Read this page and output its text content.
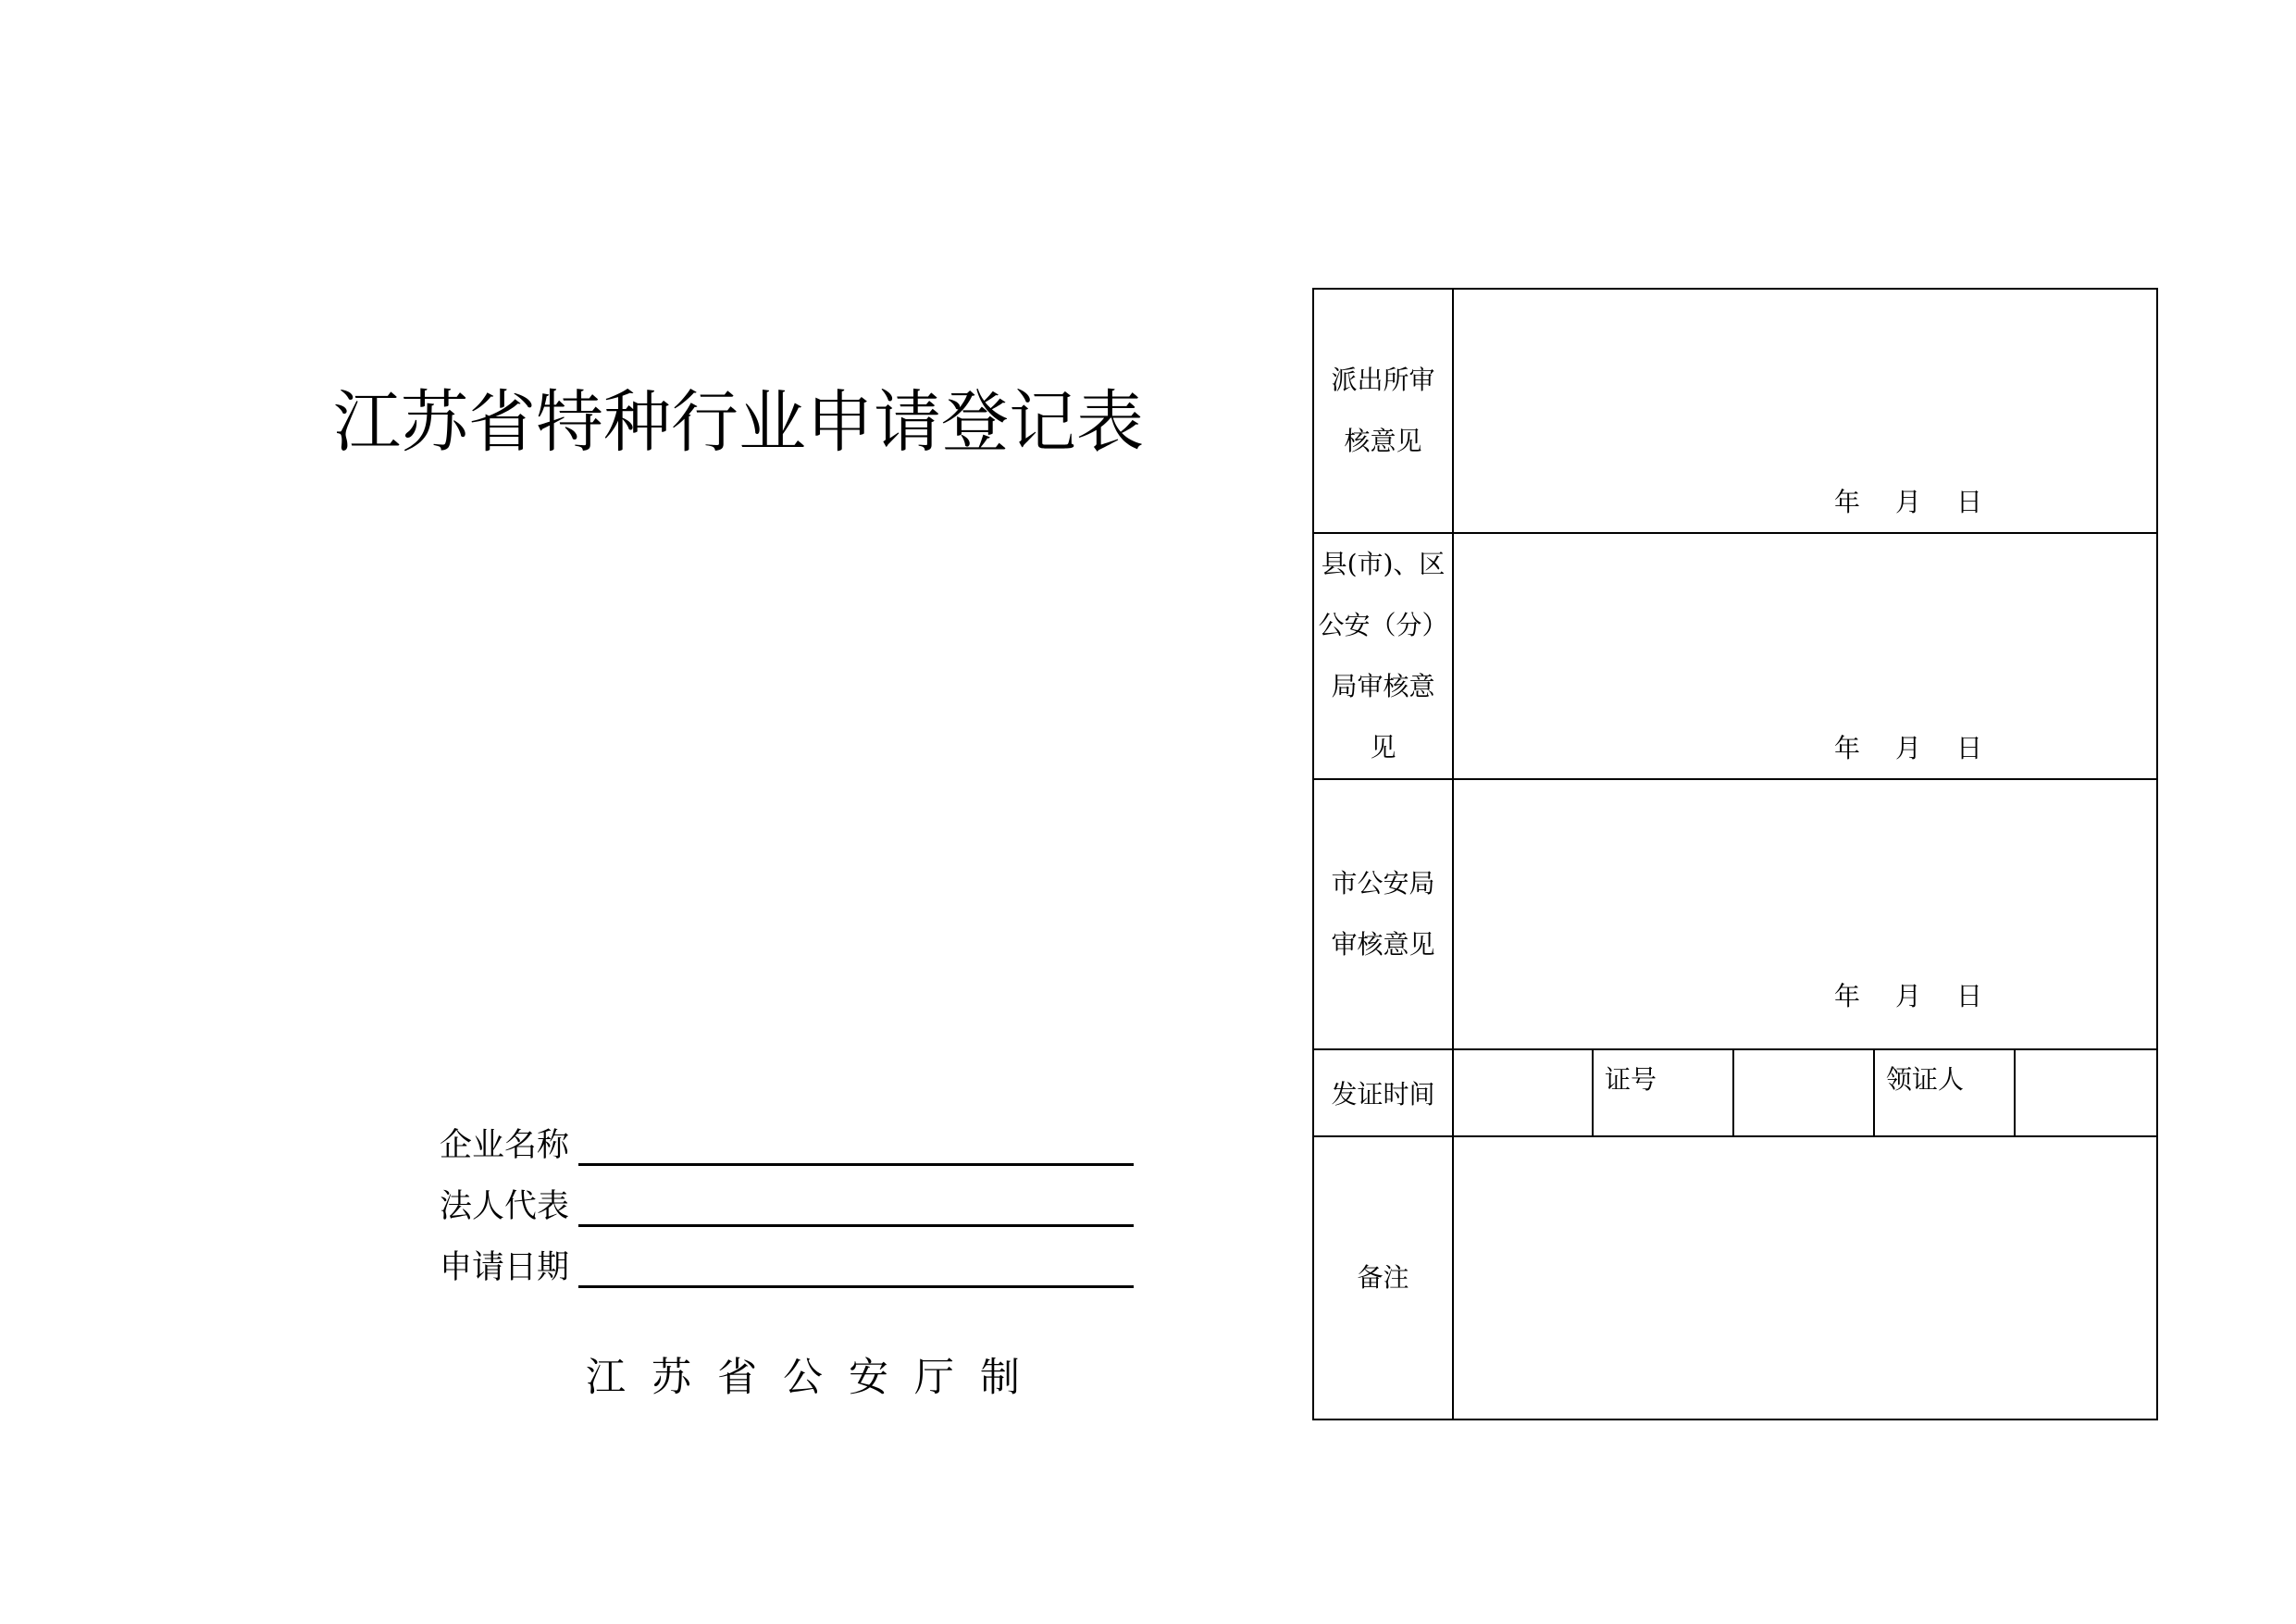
江苏省特种行业申请登记表
企业名称
法人代表
申请日期
江苏省公安厅制
派出所审
核意见	年 月 日				

县(市)、区
公安（分）
局审核意
见	年 月 日				

市公安局
审核意见	年 月 日				

发证时间		证号		领证人	

备注					
